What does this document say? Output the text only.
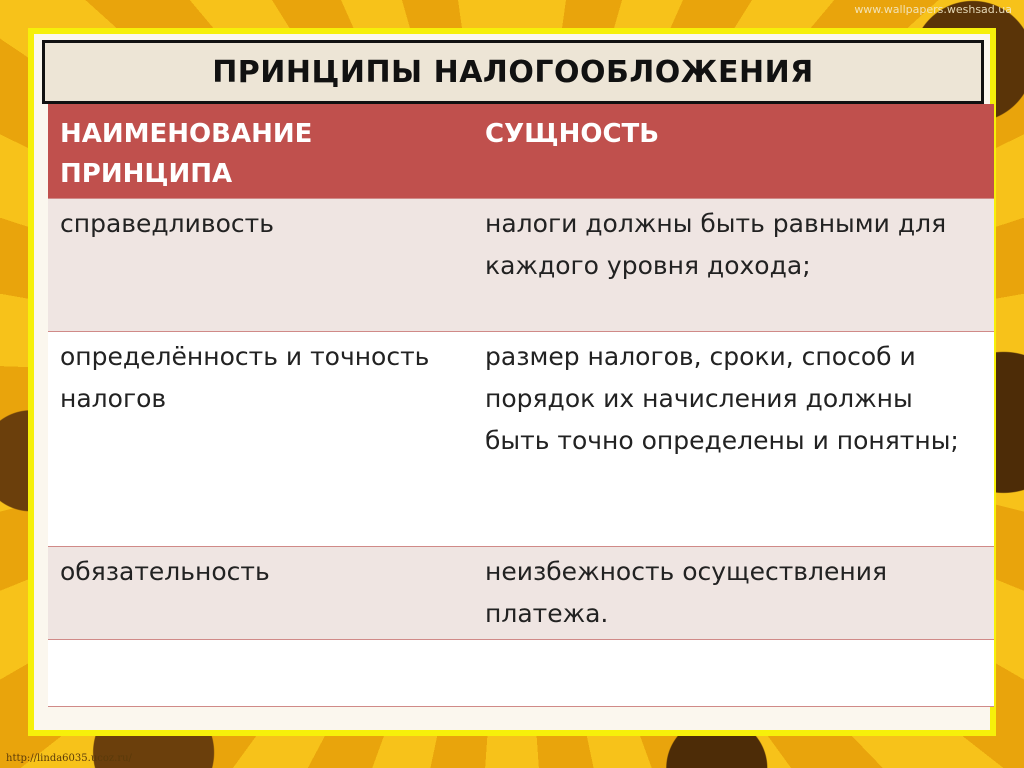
www.wallpapers.weshsad.ua
ПРИНЦИПЫ НАЛОГООБЛОЖЕНИЯ
НАИМЕНОВАНИЕ ПРИНЦИПА	СУЩНОСТЬ
справедливость	налоги должны быть равными для каждого уровня дохода;
определённость и точность налогов	размер налогов, сроки, способ и порядок их начисления должны быть точно определены и понятны;
обязательность	неизбежность осуществления платежа.

http://linda6035.ucoz.ru/
